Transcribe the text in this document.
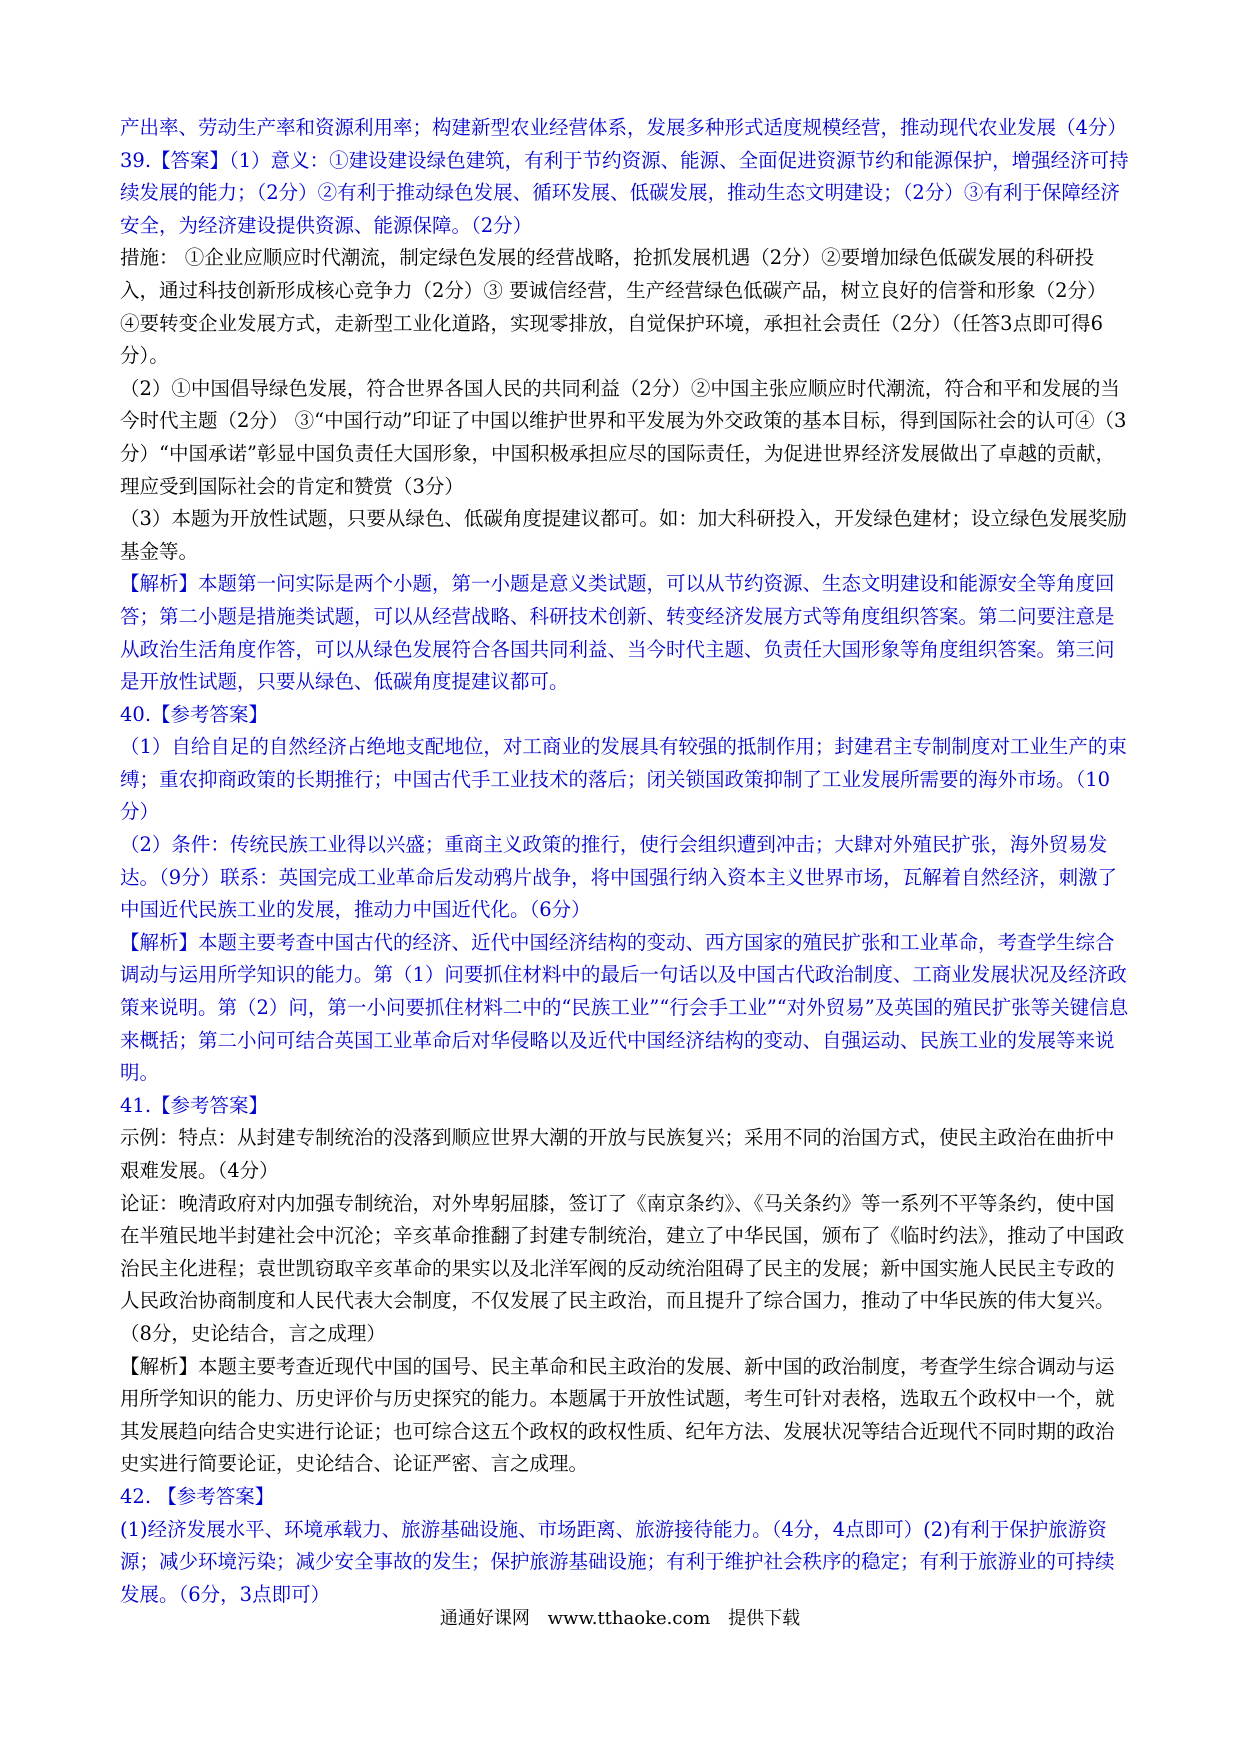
产出率、劳动生产率和资源利用率；构建新型农业经营体系，发展多种形式适度规模经营，推动现代农业发展（4分）

39.【答案】（1）意义：①建设建设绿色建筑，有利于节约资源、能源、全面促进资源节约和能源保护，增强经济可持续发展的能力；（2分）②有利于推动绿色发展、循环发展、低碳发展，推动生态文明建设；（2分）③有利于保障经济安全，为经济建设提供资源、能源保障。（2分）

措施： ①企业应顺应时代潮流，制定绿色发展的经营战略，抢抓发展机遇（2分）②要增加绿色低碳发展的科研投入，通过科技创新形成核心竞争力（2分）③ 要诚信经营，生产经营绿色低碳产品，树立良好的信誉和形象（2分） ④要转变企业发展方式，走新型工业化道路，实现零排放，自觉保护环境，承担社会责任（2分）（任答3点即可得6分）。

（2）①中国倡导绿色发展，符合世界各国人民的共同利益（2分）②中国主张应顺应时代潮流，符合和平和发展的当今时代主题（2分） ③“中国行动”印证了中国以维护世界和平发展为外交政策的基本目标，得到国际社会的认可④（3分）“中国承诺”彰显中国负责任大国形象，中国积极承担应尽的国际责任，为促进世界经济发展做出了卓越的贡献，理应受到国际社会的肯定和赞赏（3分）

（3）本题为开放性试题，只要从绿色、低碳角度提建议都可。如：加大科研投入，开发绿色建材；设立绿色发展奖励基金等。

【解析】本题第一问实际是两个小题，第一小题是意义类试题，可以从节约资源、生态文明建设和能源安全等角度回答；第二小题是措施类试题，可以从经营战略、科研技术创新、转变经济发展方式等角度组织答案。第二问要注意是从政治生活角度作答，可以从绿色发展符合各国共同利益、当今时代主题、负责任大国形象等角度组织答案。第三问是开放性试题，只要从绿色、低碳角度提建议都可。

40.【参考答案】

（1）自给自足的自然经济占绝地支配地位，对工商业的发展具有较强的抵制作用；封建君主专制制度对工业生产的束缚；重农抑商政策的长期推行；中国古代手工业技术的落后；闭关锁国政策抑制了工业发展所需要的海外市场。（10分）

（2）条件：传统民族工业得以兴盛；重商主义政策的推行，使行会组织遭到冲击；大肆对外殖民扩张，海外贸易发达。（9分）联系：英国完成工业革命后发动鸦片战争，将中国强行纳入资本主义世界市场，瓦解着自然经济，刺激了中国近代民族工业的发展，推动力中国近代化。（6分）

【解析】本题主要考查中国古代的经济、近代中国经济结构的变动、西方国家的殖民扩张和工业革命，考查学生综合调动与运用所学知识的能力。第（1）问要抓住材料中的最后一句话以及中国古代政治制度、工商业发展状况及经济政策来说明。第（2）问，第一小问要抓住材料二中的“民族工业”“行会手工业”“对外贸易”及英国的殖民扩张等关键信息来概括；第二小问可结合英国工业革命后对华侵略以及近代中国经济结构的变动、自强运动、民族工业的发展等来说明。

41.【参考答案】

示例：特点：从封建专制统治的没落到顺应世界大潮的开放与民族复兴；采用不同的治国方式，使民主政治在曲折中艰难发展。（4分）

论证：晚清政府对内加强专制统治，对外卑躬屈膝，签订了《南京条约》、《马关条约》等一系列不平等条约，使中国在半殖民地半封建社会中沉沦；辛亥革命推翻了封建专制统治，建立了中华民国，颁布了《临时约法》，推动了中国政治民主化进程；袁世凯窃取辛亥革命的果实以及北洋军阀的反动统治阻碍了民主的发展；新中国实施人民民主专政的人民政治协商制度和人民代表大会制度，不仅发展了民主政治，而且提升了综合国力，推动了中华民族的伟大复兴。（8分，史论结合，言之成理）

【解析】本题主要考查近现代中国的国号、民主革命和民主政治的发展、新中国的政治制度，考查学生综合调动与运用所学知识的能力、历史评价与历史探究的能力。本题属于开放性试题，考生可针对表格，选取五个政权中一个，就其发展趋向结合史实进行论证；也可综合这五个政权的政权性质、纪年方法、发展状况等结合近现代不同时期的政治史实进行简要论证，史论结合、论证严密、言之成理。

42. 【参考答案】

(1)经济发展水平、环境承载力、旅游基础设施、市场距离、旅游接待能力。（4分，4点即可）(2)有利于保护旅游资源；减少环境污染；减少安全事故的发生；保护旅游基础设施；有利于维护社会秩序的稳定；有利于旅游业的可持续发展。（6分，3点即可）

通通好课网 www.tthaoke.com 提供下载
